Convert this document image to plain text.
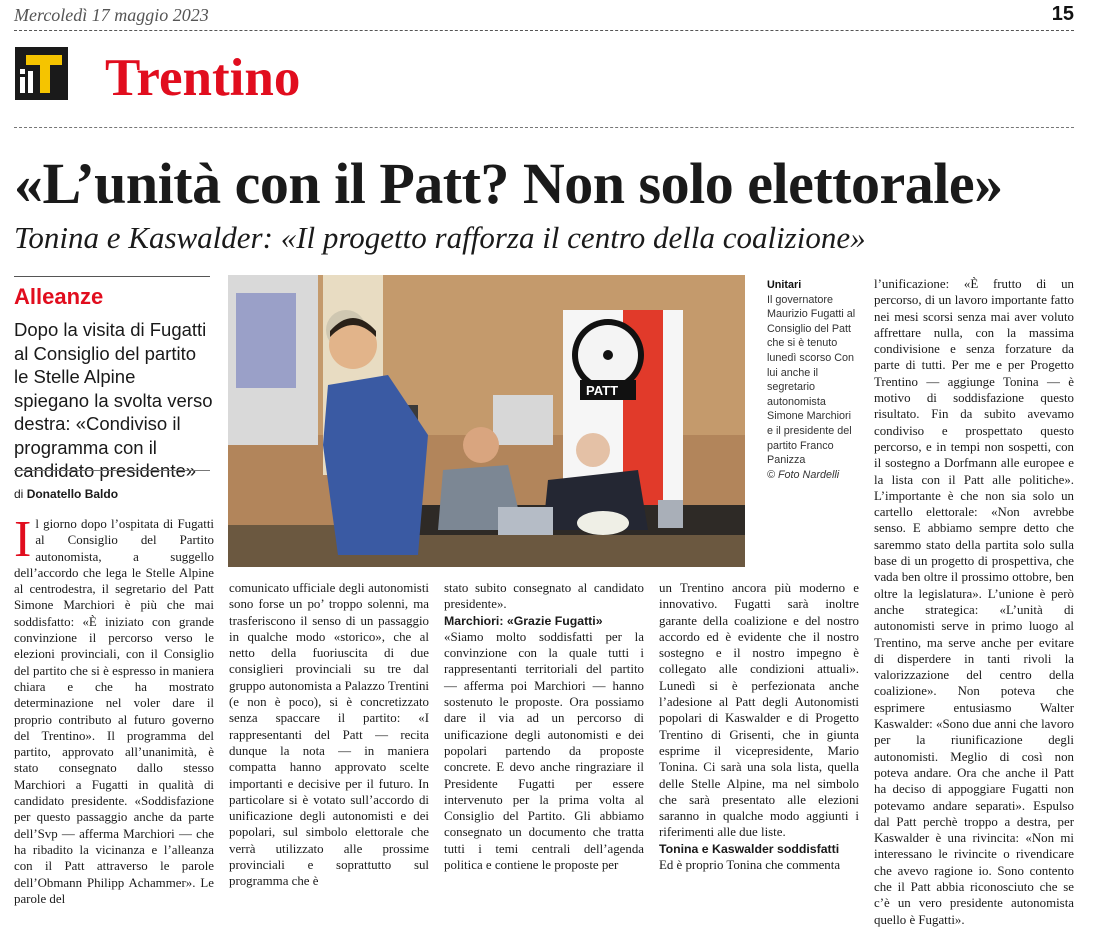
Mercoledì 17 maggio 2023	15
Trentino
«L’unità con il Patt? Non solo elettorale»
Tonina e Kaswalder: «Il progetto rafforza il centro della coalizione»
Alleanze
Dopo la visita di Fugatti al Consiglio del partito le Stelle Alpine spiegano la svolta verso destra: «Condiviso il programma con il candidato presidente»
di Donatello Baldo
PATT
Unitari
Il governatore Maurizio Fugatti al Consiglio del Patt che si è tenuto lunedì scorso Con lui anche il segretario autonomista Simone Marchiori e il presidente del partito Franco Panizza
© Foto Nardelli
I l giorno dopo l’ospitata di Fugatti al Consiglio del Partito autonomista, a suggello dell’accordo che lega le Stelle Alpine al centrodestra, il segretario del Patt Simone Marchiori è più che mai soddisfatto: «È iniziato con grande convinzione il percorso verso le elezioni provinciali, con il Consiglio del partito che si è espresso in maniera chiara e che ha mostrato determinazione nel voler dare il proprio contributo al futuro governo del Trentino». Il programma del partito, approvato all’unanimità, è stato consegnato dallo stesso Marchiori a Fugatti in qualità di candidato presidente. «Soddisfazione per questo passaggio anche da parte dell’Svp — afferma Marchiori — che ha ribadito la vicinanza e l’alleanza con il Patt attraverso le parole dell’Obmann Philipp Achammer». Le parole del

comunicato ufficiale degli autonomisti sono forse un po’ troppo solenni, ma trasferiscono il senso di un passaggio in qualche modo «storico», che al netto della fuoriuscita di due consiglieri provinciali su tre dal gruppo autonomista a Palazzo Trentini (e non è poco), si è concretizzato senza spaccare il partito: «I rappresentanti del Patt — recita dunque la nota — in maniera compatta hanno approvato scelte importanti e decisive per il futuro. In particolare si è votato sull’accordo di unificazione degli autonomisti e dei popolari, sul simbolo elettorale che verrà utilizzato alle prossime provinciali e soprattutto sul programma che è

stato subito consegnato al candidato presidente».

Marchiori: «Grazie Fugatti»

«Siamo molto soddisfatti per la convinzione con la quale tutti i rappresentanti territoriali del partito — afferma poi Marchiori — hanno sostenuto le proposte. Ora possiamo dare il via ad un percorso di unificazione degli autonomisti e dei popolari partendo da proposte concrete. E devo anche ringraziare il Presidente Fugatti per essere intervenuto per la prima volta al Consiglio del Partito. Gli abbiamo consegnato un documento che tratta tutti i temi centrali dell’agenda politica e contiene le proposte per

un Trentino ancora più moderno e innovativo. Fugatti sarà inoltre garante della coalizione e del nostro accordo ed è evidente che il nostro sostegno e il nostro impegno è collegato alle condizioni attuali». Lunedì si è perfezionata anche l’adesione al Patt degli Autonomisti popolari di Kaswalder e di Progetto Trentino di Grisenti, che in giunta esprime il vicepresidente, Mario Tonina. Ci sarà una sola lista, quella delle Stelle Alpine, ma nel simbolo che sarà presentato alle elezioni saranno in qualche modo aggiunti i riferimenti alle due liste.

Tonina e Kaswalder soddisfatti

Ed è proprio Tonina che commenta

l’unificazione: «È frutto di un percorso, di un lavoro importante fatto nei mesi scorsi senza mai aver voluto affrettare nulla, con la massima condivisione e senza forzature da parte di tutti. Per me e per Progetto Trentino — aggiunge Tonina — è motivo di soddisfazione questo risultato. Fin da subito avevamo condiviso e prospettato questo percorso, e in tempi non sospetti, con il sostegno a Dorfmann alle europee e la lista con il Patt alle politiche». L’importante è che non sia solo un cartello elettorale: «Non avrebbe senso. E abbiamo sempre detto che saremmo stato della partita solo sulla base di un progetto di prospettiva, che vada ben oltre il prossimo ottobre, ben oltre la legislatura». L’unione è però anche strategica: «L’unità di autonomisti serve in primo luogo al Trentino, ma serve anche per evitare di disperdere in tanti rivoli la valorizzazione del centro della coalizione». Non poteva che esprimere entusiasmo Walter Kaswalder: «Sono due anni che lavoro per la riunificazione degli autonomisti. Meglio di così non poteva andare. Ora che anche il Patt ha deciso di appoggiare Fugatti non potevamo andare separati». Espulso dal Patt perchè troppo a destra, per Kaswalder è una rivincita: «Non mi interessano le rivincite o rivendicare che avevo ragione io. Sono contento che il Patt abbia riconosciuto che se c’è un vero presidente autonomista quello è Fugatti».
